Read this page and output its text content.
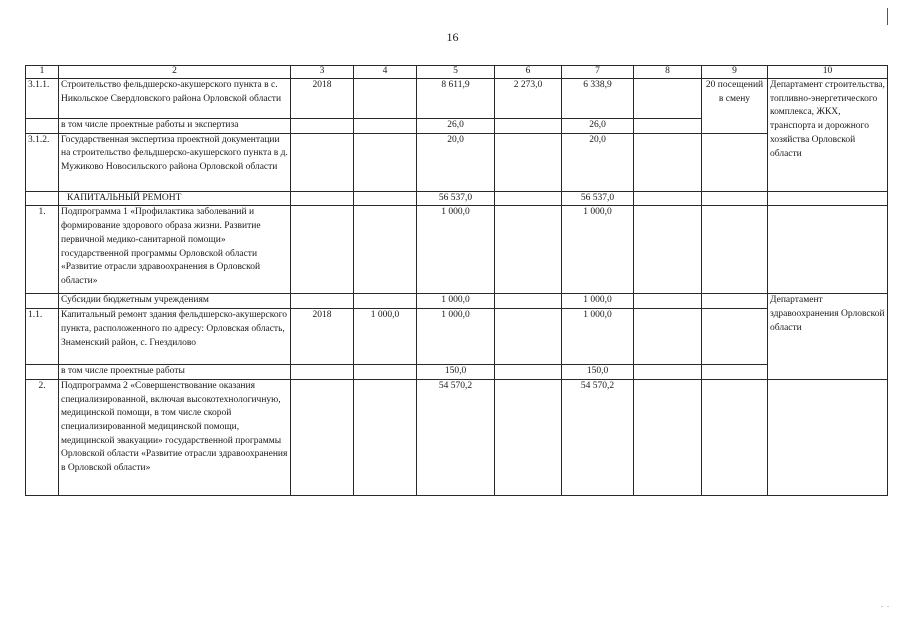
16
. .
1	2	3	4	5	6	7	8	9	10
3.1.1.	Строительство фельдшерско-акушерского пункта в с. Никольское Свердловского района Орловской области	2018		8 611,9	2 273,0	6 338,9		20 посещений в смену	Департамент строительства, топливно-энергетического комплекса, ЖКХ, транспорта и дорожного хозяйства Орловской области
	в том числе проектные работы и экспертиза			26,0		26,0			
3.1.2.	Государственная экспертиза проектной документации на строительство фельдшерско-акушерского пункта в д. Мужиково Новосильского района Орловской области			20,0		20,0			
	КАПИТАЛЬНЫЙ РЕМОНТ			56 537,0		56 537,0			
1.	Подпрограмма 1 «Профилактика заболеваний и формирование здорового образа жизни. Развитие первичной медико-санитарной помощи» государственной программы Орловской области «Развитие отрасли здравоохранения в Орловской области»			1 000,0		1 000,0			
	Субсидии бюджетным учреждениям			1 000,0		1 000,0			Департамент здравоохранения Орловской области
1.1.	Капитальный ремонт здания фельдшерско-акушерского пункта, расположенного по адресу: Орловская область, Знаменский район, с. Гнездилово	2018	1 000,0	1 000,0		1 000,0			
	в том числе проектные работы			150,0		150,0			
2.	Подпрограмма 2 «Совершенствование оказания специализированной, включая высокотехнологичную, медицинской помощи, в том числе скорой специализированной медицинской помощи, медицинской эвакуации» государственной программы Орловской области «Развитие отрасли здравоохранения в Орловской области»			54 570,2		54 570,2			
